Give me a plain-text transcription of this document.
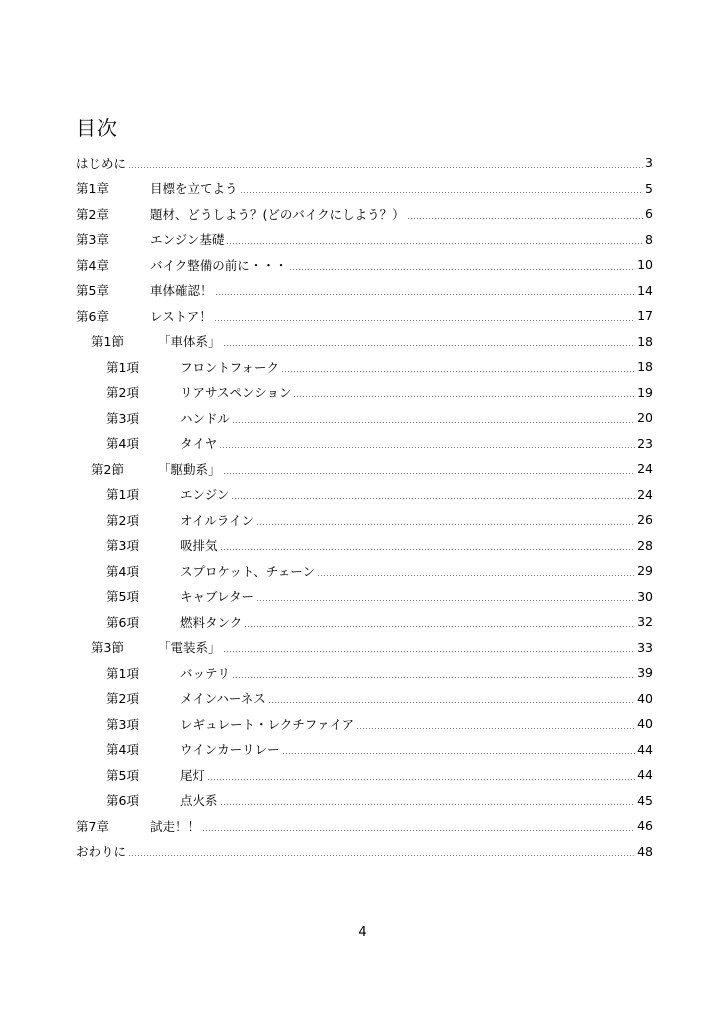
目次
はじめに	3
第1章	目標を立てよう	5
第2章	題材、どうしよう？(どのバイクにしよう？）	6
第3章	エンジン基礎	8
第4章	バイク整備の前に・・・	10
第5章	車体確認！	14
第6章	レストア！	17
第1節	「車体系」	18
第1項	フロントフォーク	18
第2項	リアサスペンション	19
第3項	ハンドル	20
第4項	タイヤ	23
第2節	「駆動系」	24
第1項	エンジン	24
第2項	オイルライン	26
第3項	吸排気	28
第4項	スプロケット、チェーン	29
第5項	キャブレター	30
第6項	燃料タンク	32
第3節	「電装系」	33
第1項	バッテリ	39
第2項	メインハーネス	40
第3項	レギュレート・レクチファイア	40
第4項	ウインカーリレー	44
第5項	尾灯	44
第6項	点火系	45
第7章	試走！！	46
おわりに	48
4
